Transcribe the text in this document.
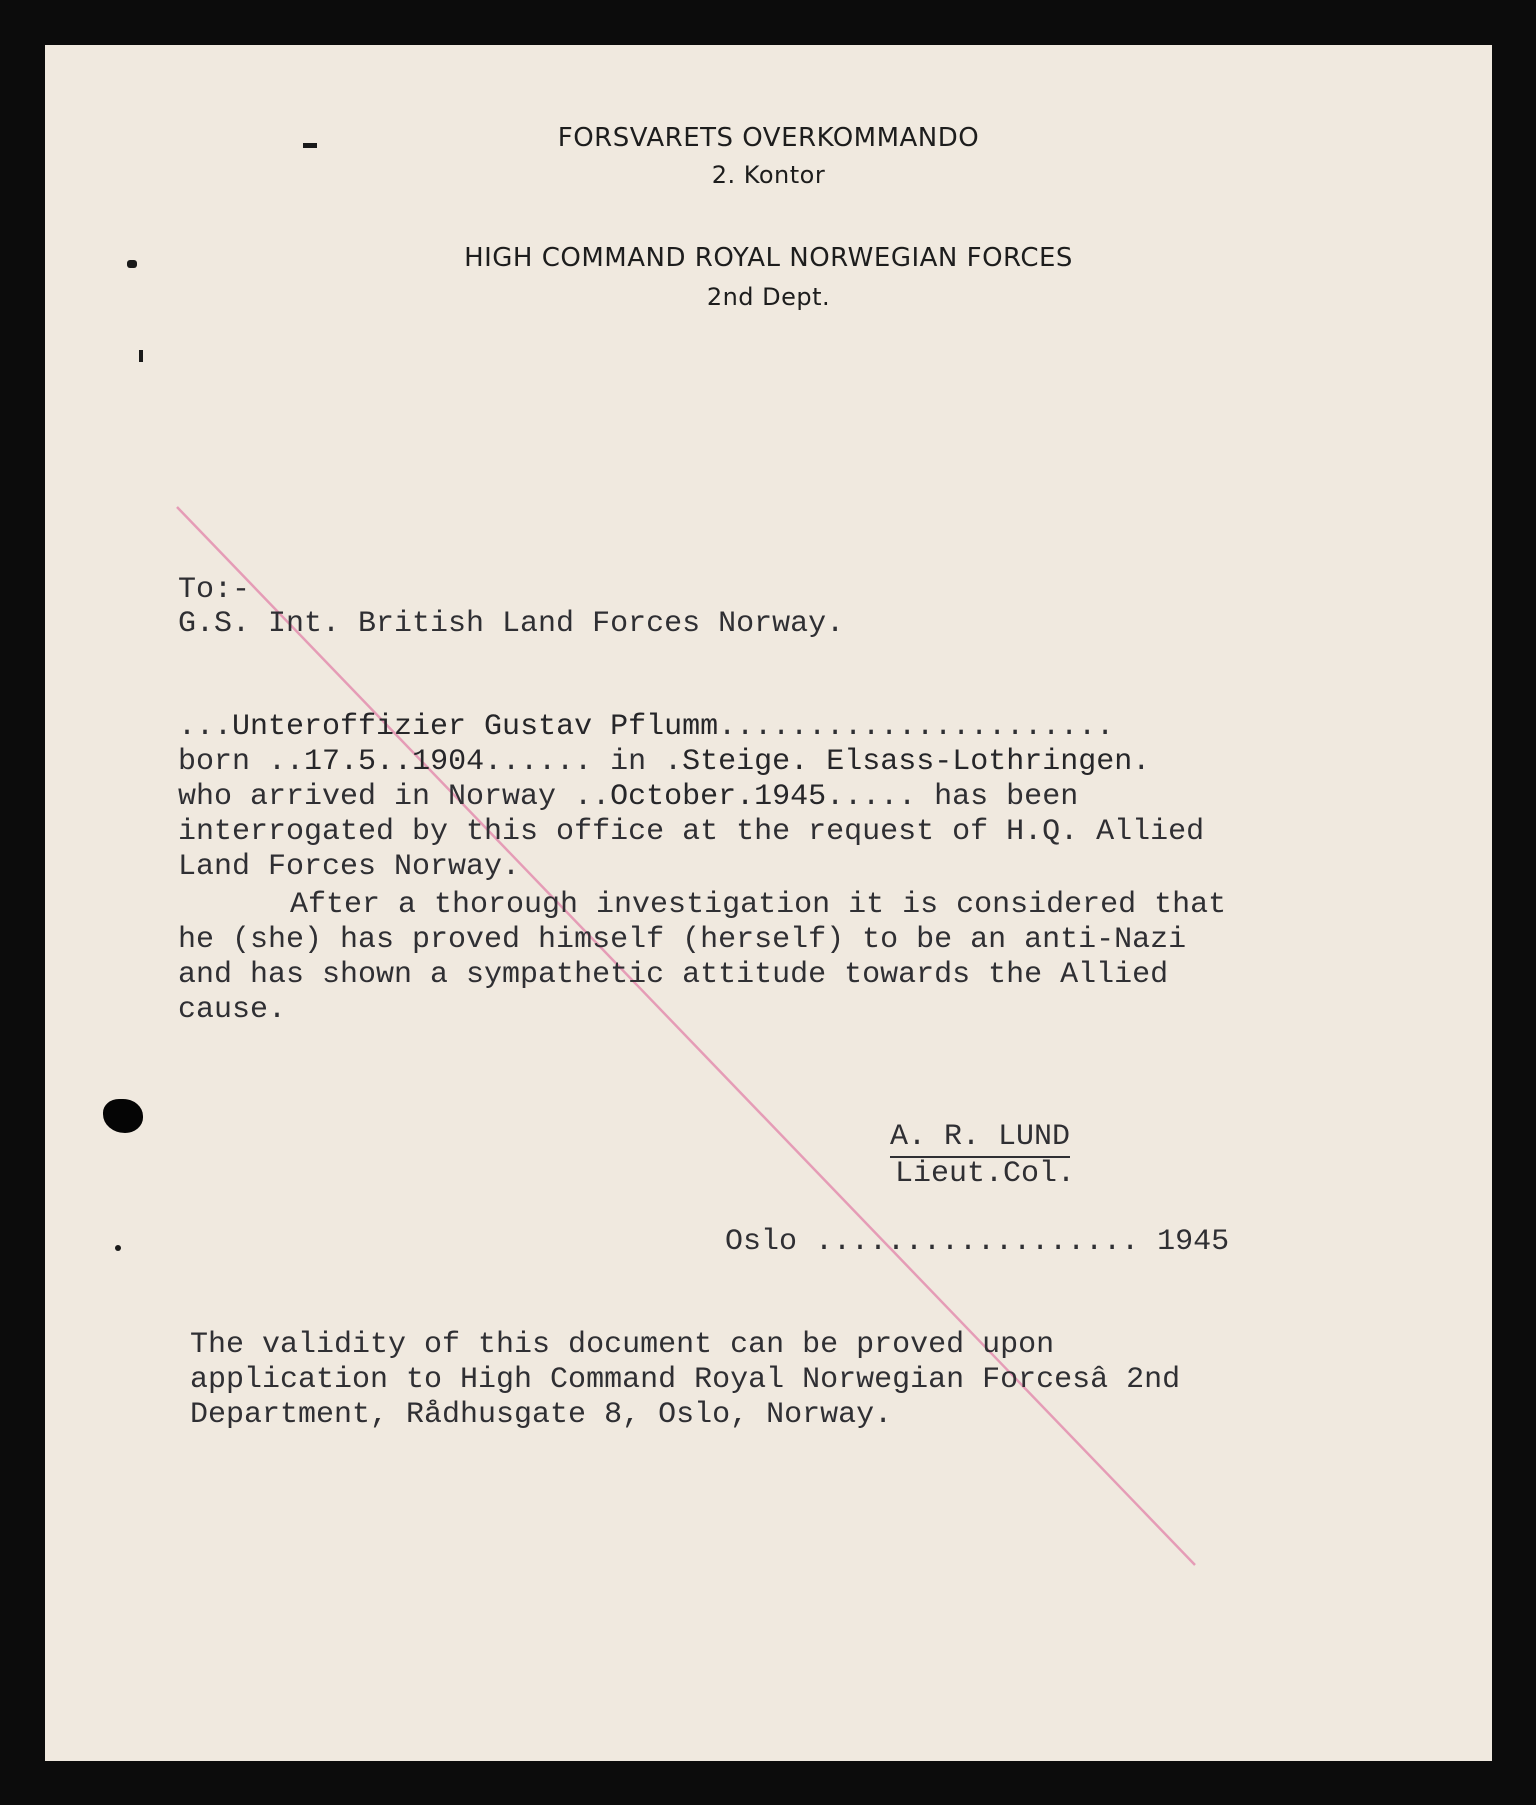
FORSVARETS OVERKOMMANDO

2. Kontor

HIGH COMMAND ROYAL NORWEGIAN FORCES

2nd Dept.

To:-

G.S. Int. British Land Forces Norway.

...Unteroffizier Gustav Pflumm......................

born ..17.5..1904...... in .Steige. Elsass-Lothringen.

who arrived in Norway ..October.1945..... has been

interrogated by this office at the request of H.Q. Allied

Land Forces Norway.

After a thorough investigation it is considered that

he (she) has proved himself (herself) to be an anti-Nazi

and has shown a sympathetic attitude towards the Allied

cause.

A. R. LUND

Lieut.Col.

Oslo .................. 1945

The validity of this document can be proved upon

application to High Command Royal Norwegian Forcesâ 2nd

Department, Rådhusgate 8, Oslo, Norway.
